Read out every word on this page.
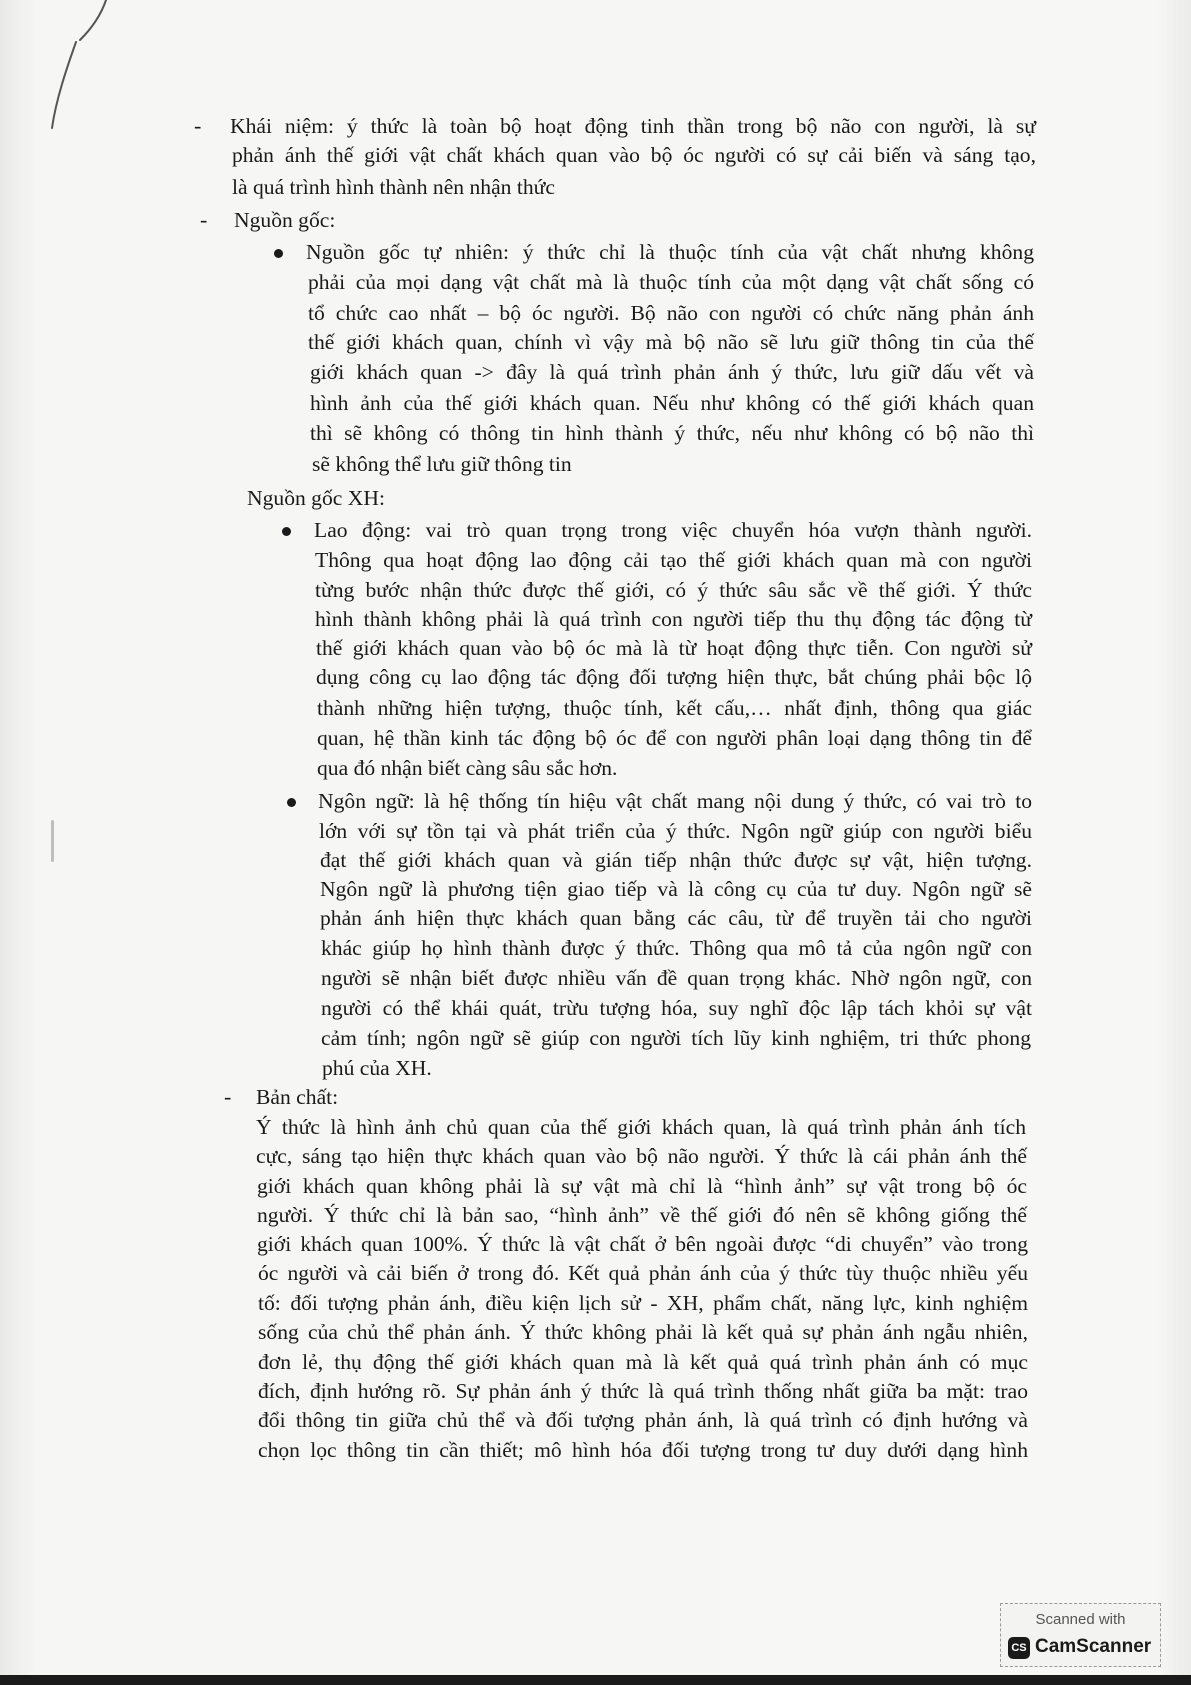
- Khái niệm: ý thức là toàn bộ hoạt động tinh thần trong bộ não con người, là sự
phản ánh thế giới vật chất khách quan vào bộ óc người có sự cải biến và sáng tạo,
là quá trình hình thành nên nhận thức
- Nguồn gốc:
Nguồn gốc tự nhiên: ý thức chỉ là thuộc tính của vật chất nhưng không
phải của mọi dạng vật chất mà là thuộc tính của một dạng vật chất sống có
tổ chức cao nhất – bộ óc người. Bộ não con người có chức năng phản ánh
thế giới khách quan, chính vì vậy mà bộ não sẽ lưu giữ thông tin của thế
giới khách quan -> đây là quá trình phản ánh ý thức, lưu giữ dấu vết và
hình ảnh của thế giới khách quan. Nếu như không có thế giới khách quan
thì sẽ không có thông tin hình thành ý thức, nếu như không có bộ não thì
sẽ không thể lưu giữ thông tin
Nguồn gốc XH:
Lao động: vai trò quan trọng trong việc chuyển hóa vượn thành người.
Thông qua hoạt động lao động cải tạo thế giới khách quan mà con người
từng bước nhận thức được thế giới, có ý thức sâu sắc về thế giới. Ý thức
hình thành không phải là quá trình con người tiếp thu thụ động tác động từ
thế giới khách quan vào bộ óc mà là từ hoạt động thực tiễn. Con người sử
dụng công cụ lao động tác động đối tượng hiện thực, bắt chúng phải bộc lộ
thành những hiện tượng, thuộc tính, kết cấu,… nhất định, thông qua giác
quan, hệ thần kinh tác động bộ óc để con người phân loại dạng thông tin để
qua đó nhận biết càng sâu sắc hơn.
Ngôn ngữ: là hệ thống tín hiệu vật chất mang nội dung ý thức, có vai trò to
lớn với sự tồn tại và phát triển của ý thức. Ngôn ngữ giúp con người biểu
đạt thế giới khách quan và gián tiếp nhận thức được sự vật, hiện tượng.
Ngôn ngữ là phương tiện giao tiếp và là công cụ của tư duy. Ngôn ngữ sẽ
phản ánh hiện thực khách quan bằng các câu, từ để truyền tải cho người
khác giúp họ hình thành được ý thức. Thông qua mô tả của ngôn ngữ con
người sẽ nhận biết được nhiều vấn đề quan trọng khác. Nhờ ngôn ngữ, con
người có thể khái quát, trừu tượng hóa, suy nghĩ độc lập tách khỏi sự vật
cảm tính; ngôn ngữ sẽ giúp con người tích lũy kinh nghiệm, tri thức phong
phú của XH.
- Bản chất:
Ý thức là hình ảnh chủ quan của thế giới khách quan, là quá trình phản ánh tích
cực, sáng tạo hiện thực khách quan vào bộ não người. Ý thức là cái phản ánh thế
giới khách quan không phải là sự vật mà chỉ là “hình ảnh” sự vật trong bộ óc
người. Ý thức chỉ là bản sao, “hình ảnh” về thế giới đó nên sẽ không giống thế
giới khách quan 100%. Ý thức là vật chất ở bên ngoài được “di chuyển” vào trong
óc người và cải biến ở trong đó. Kết quả phản ánh của ý thức tùy thuộc nhiều yếu
tố: đối tượng phản ánh, điều kiện lịch sử - XH, phẩm chất, năng lực, kinh nghiệm
sống của chủ thể phản ánh. Ý thức không phải là kết quả sự phản ánh ngẫu nhiên,
đơn lẻ, thụ động thế giới khách quan mà là kết quả quá trình phản ánh có mục
đích, định hướng rõ. Sự phản ánh ý thức là quá trình thống nhất giữa ba mặt: trao
đổi thông tin giữa chủ thể và đối tượng phản ánh, là quá trình có định hướng và
chọn lọc thông tin cần thiết; mô hình hóa đối tượng trong tư duy dưới dạng hình
Scanned with
CS CamScanner
